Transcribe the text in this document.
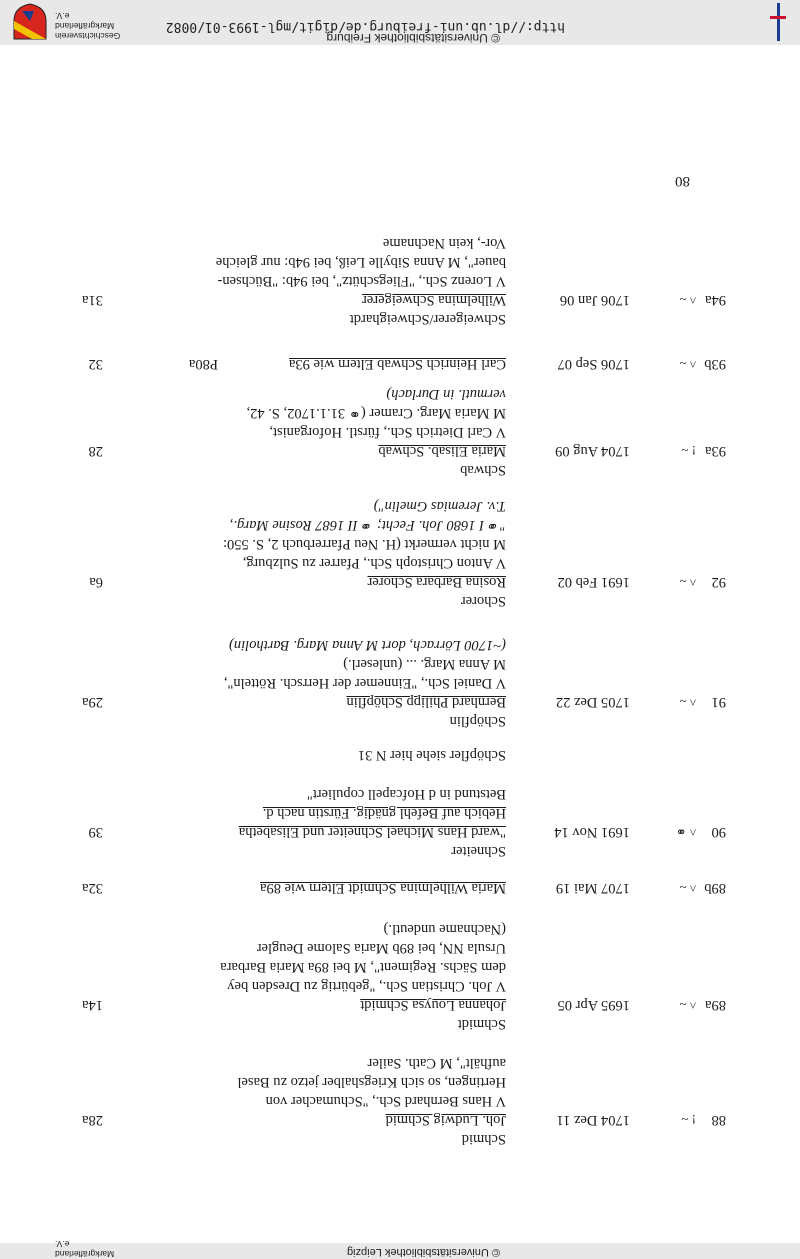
© Universitätsbibliothek Leipzig
Markgräflerland e.V.
88
! ~
1704 Dez 11
28a
Schmid
Joh. Ludwig Schmid
V Hans Bernhard Sch., "Schumacher von
Hertingen, so sich Kriegshalber jetzo zu Basel
aufhält", M Cath. Sailer
89a
^ ~
1695 Apr 05
14a
Schmidt
Johanna Louysa Schmidt
V Joh. Christian Sch., "gebürtig zu Dresden bey
dem Sächs. Regiment", M bei 89a Maria Barbara
Ursula NN, bei 89b Maria Salome Deugler
(Nachname undeutl.)
89b
^ ~
1707 Mai 19
32a	Maria Wilhelmina Schmidt Eltern wie 89a
90
^ ⚭
1691 Nov 14
39
Schneiter
"ward Hans Michael Schneiter und Elisabetha
Hebich auf Befehl gnädig. Fürstin nach d.
Betstund in d Hofcapell copuliert"
Schöpfler siehe hier N 31
91
^ ~
1705 Dez 22
29a
Schöpflin
Bernhard Philipp Schöpflin
V Daniel Sch., "Einnemer der Herrsch. Rötteln",
M Anna Marg. ... (unleserl.)
(~1700 Lörrach, dort M Anna Marg. Bartholin)
92
^ ~
1691 Feb 02
6a
Schorer
Rosina Barbara Schorer
V Anton Christoph Sch., Pfarrer zu Sulzburg,
M nicht vermerkt (H. Neu Pfarrerbuch 2, S. 550:
"⚭ I 1680 Joh. Fecht; ⚭ II 1687 Rosine Marg.,
T.v. Jeremias Gmelin")
93a
! ~
1704 Aug 09
28
Schwab
Maria Elisab. Schwab
V Carl Dietrich Sch., fürstl. Hoforganist,
M Maria Marg. Cramer (⚭ 31.1.1702, S. 42,
vermutl. in Durlach)
93b
^ ~
1706 Sep 07
P80a
32	Carl Heinrich Schwab Eltern wie 93a
94a
^ ~
1706 Jan 06
31a
Schweigerer/Schweighardt
Wilhelmina Schweigerer
V Lorenz Sch., "Fliegschütz", bei 94b: "Büchsen-
bauer", M Anna Sibylle Leiß, bei 94b: nur gleiche
Vor-, kein Nachname
80
http://dl.ub.uni-freiburg.de/digit/mgl-1993-01/0082
© Universitätsbibliothek Freiburg
Geschichtsverein
Markgräflerland e.V.
